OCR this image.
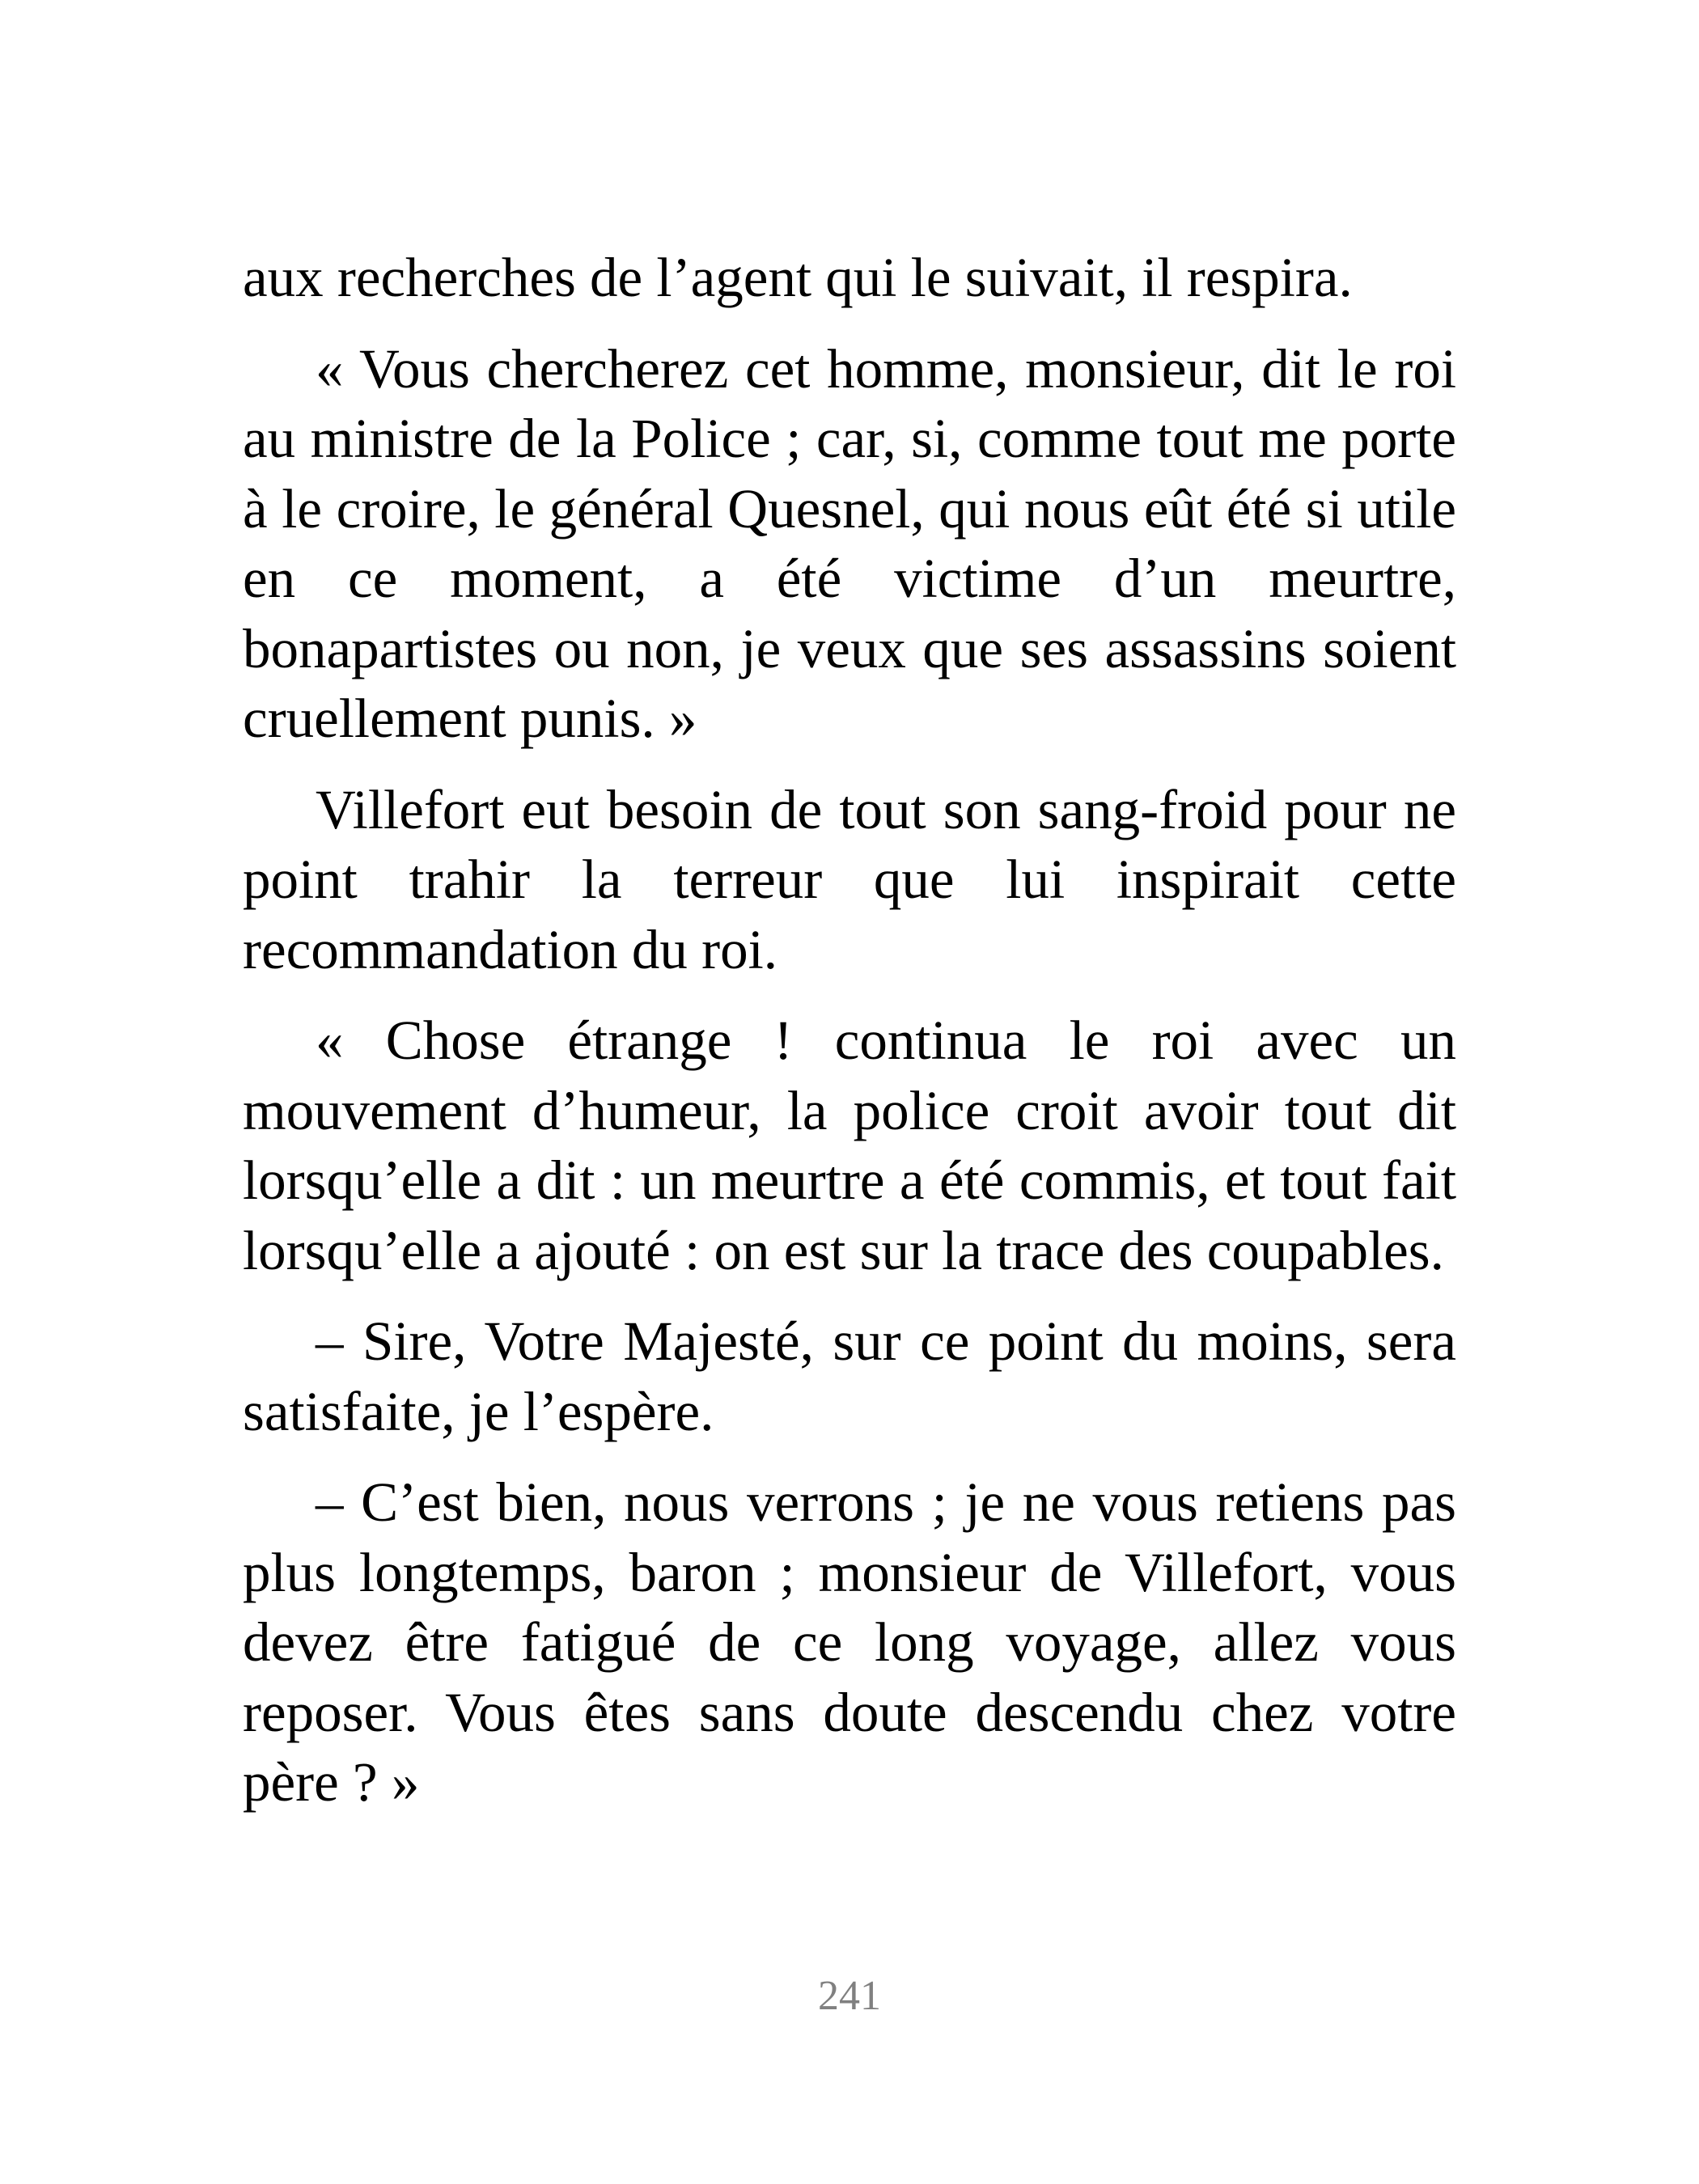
aux recherches de l’agent qui le suivait, il respira.

« Vous chercherez cet homme, monsieur, dit le roi au ministre de la Police ; car, si, comme tout me porte à le croire, le général Quesnel, qui nous eût été si utile en ce moment, a été victime d’un meurtre, bonapartistes ou non, je veux que ses assassins soient cruellement punis. »

Villefort eut besoin de tout son sang-froid pour ne point trahir la terreur que lui inspirait cette recommandation du roi.

« Chose étrange ! continua le roi avec un mouvement d’humeur, la police croit avoir tout dit lorsqu’elle a dit : un meurtre a été commis, et tout fait lorsqu’elle a ajouté : on est sur la trace des coupables.

– Sire, Votre Majesté, sur ce point du moins, sera satisfaite, je l’espère.

– C’est bien, nous verrons ; je ne vous retiens pas plus longtemps, baron ; monsieur de Villefort, vous devez être fatigué de ce long voyage, allez vous reposer. Vous êtes sans doute descendu chez votre père ? »

241
